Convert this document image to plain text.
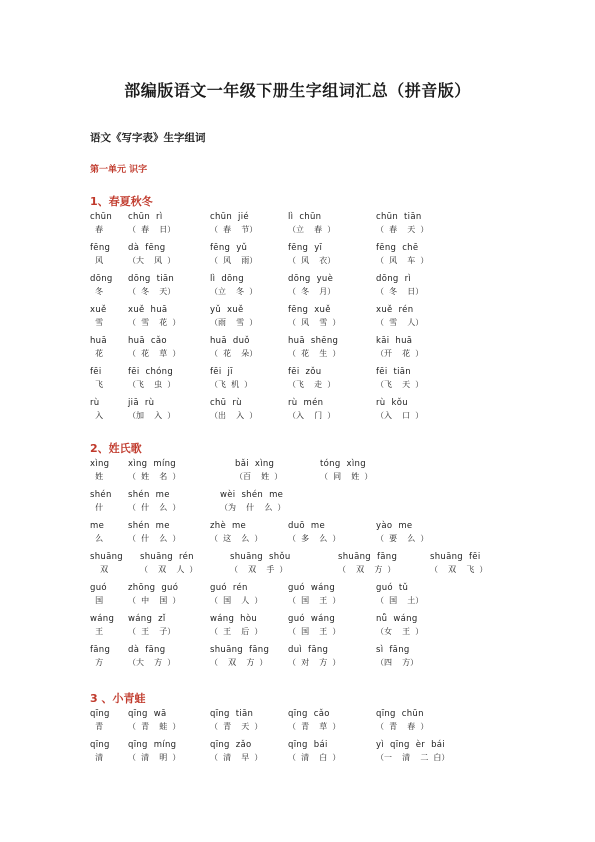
部编版语文一年级下册生字组词汇总（拼音版）
语文《写字表》生字组词
第一单元 识字
1、春夏秋冬
chūn
春
chūn  rì
（  春    日）
chūn  jié
（  春    节）
lì  chūn
（立    春  ）
chūn  tiān
（  春    天  ）
fēng
风
dà  fēng
（大    风  ）
fēng  yǔ
（  风    雨）
fēng  yī
（  风    衣）
fēng  chē
（  风    车  ）
dōng
冬
dōng  tiān
（  冬    天）
lì  dōng
（立    冬  ）
dōng  yuè
（  冬    月）
dōng  rì
（  冬    日）
xuě
雪
xuě  huā
（  雪    花  ）
yǔ  xuě
（雨    雪  ）
fēng  xuě
（  风    雪  ）
xuě  rén
（  雪    人）
huā
花
huā  cǎo
（  花    草  ）
huā  duǒ
（  花    朵）
huā  shēng
（  花    生  ）
kāi  huā
（开    花  ）
fēi
飞
fēi  chóng
（飞    虫  ）
fēi  jī
（飞  机  ）
fēi  zǒu
（飞    走  ）
fēi  tiān
（飞    天  ）
rù
入
jiā  rù
（加    入  ）
chū  rù
（出    入  ）
rù  mén
（入    门  ）
rù  kǒu
（入    口  ）
2、姓氏歌
xìng
姓
xìng  míng
（  姓    名  ）
bǎi  xìng
（百    姓  ）
tóng  xìng
（  同    姓  ）
shén
什
shén  me
（  什    么  ）
wèi  shén  me
（为    什    么  ）
me
么
shén  me
（  什    么  ）
zhè  me
（  这    么  ）
duō  me
（  多    么  ）
yào  me
（  要    么  ）
shuāng
双
shuāng  rén
（    双    人  ）
shuāng  shǒu
（    双    手  ）
shuāng  fāng
（    双    方  ）
shuāng  fēi
（    双    飞  ）
guó
国
zhōng  guó
（  中    国  ）
guó  rén
（  国    人  ）
guó  wáng
（  国    王  ）
guó  tǔ
（  国    土）
wáng
王
wáng  zǐ
（  王    子）
wáng  hòu
（  王    后  ）
guó  wáng
（  国    王  ）
nǚ  wáng
（女    王  ）
fāng
方
dà  fāng
（大    方  ）
shuāng  fāng
（    双    方  ）
duì  fāng
（  对    方  ）
sì  fāng
（四    方）
3 、小青蛙
qīng
青
qīng  wā
（  青    蛙  ）
qīng  tiān
（  青    天  ）
qīng  cǎo
（  青    草  ）
qīng  chūn
（  青    春  ）
qīng
清
qīng  míng
（  清    明  ）
qīng  zǎo
（  清    早  ）
qīng  bái
（  清    白  ）
yì  qīng  èr  bái
（一    清    二  白）
